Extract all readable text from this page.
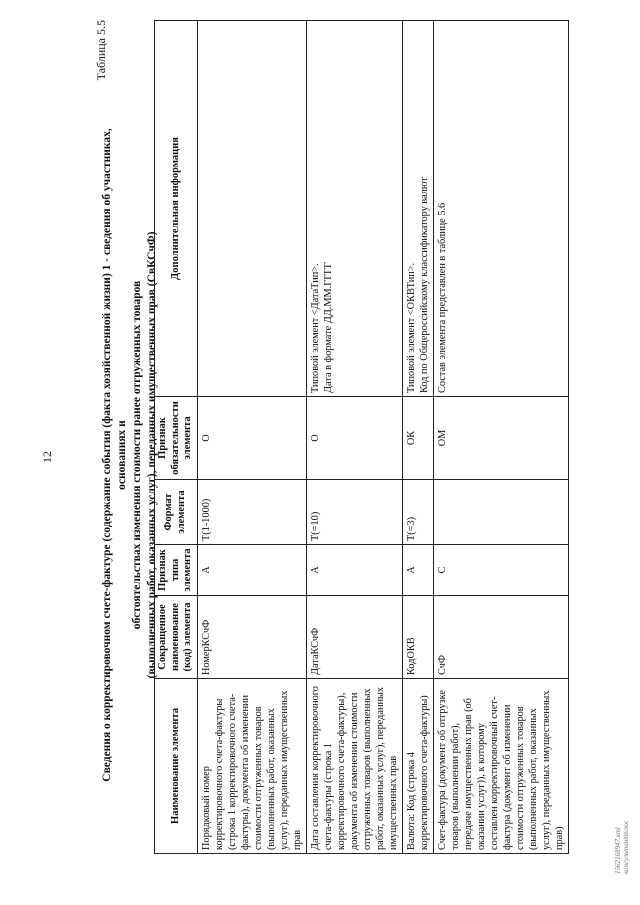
12
Таблица 5.5
Сведения о корректировочном счете-фактуре (содержание события (факта хозяйственной жизни) 1 - сведения об участниках, основаниях и обстоятельствах изменения стоимости ранее отгруженных товаров (выполненных работ, оказанных услуг), переданных имущественных прав (СвКСчФ)
Наименование элемента	Сокращенное наименование (код) элемента	Признак типа элемента	Формат элемента	Признак обязательности элемента	Дополнительная информация
Порядковый номер корректировочного счета-фактуры (строка 1 корректировочного счета-фактуры), документа об изменении стоимости отгруженных товаров (выполненных работ, оказанных услуг), переданных имущественных прав	НомерКСчФ	А	T(1-1000)	О	
Дата составления корректировочного счета-фактуры (строка 1 корректировочного счета-фактуры), документа об изменении стоимости отгруженных товаров (выполненных работ, оказанных услуг), переданных имущественных прав	ДатаКСчФ	А	T(=10)	О	Типовой элемент <ДатаТип>. Дата в формате ДД.ММ.ГГГГ

Валюта: Код (строка 4 корректировочного счета-фактуры)	КодОКВ	А	T(=3)	ОК	Типовой элемент <ОКВТип>. Код по Общероссийскому классификатору валют

Счет-фактура (документ об отгрузке товаров (выполнении работ), передаче имущественных прав (об оказании услуг)), к которому составлен корректировочный счет-фактура (документ об изменении стоимости отгруженных товаров (выполненных работ, оказанных услуг), переданных имущественных прав)	СчФ	С		ОМ	Состав элемента представлен в таблице 5.6
1562168947.xml консультантплюс
